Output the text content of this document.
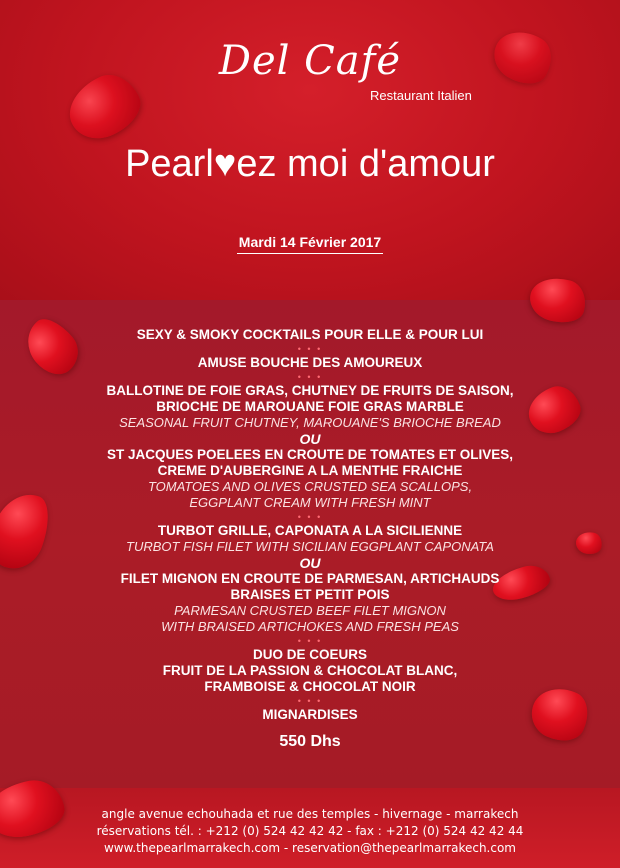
Del Café
Restaurant Italien
Pearl♥ez moi d'amour
Mardi 14 Février 2017
SEXY & SMOKY COCKTAILS POUR ELLE & POUR LUI
• • •
AMUSE BOUCHE DES AMOUREUX
• • •
BALLOTINE DE FOIE GRAS, CHUTNEY DE FRUITS DE SAISON,
BRIOCHE DE MAROUANE FOIE GRAS MARBLE
SEASONAL FRUIT CHUTNEY, MAROUANE'S BRIOCHE BREAD
OU
ST JACQUES POELEES EN CROUTE DE TOMATES ET OLIVES,
CREME D'AUBERGINE A LA MENTHE FRAICHE
TOMATOES AND OLIVES CRUSTED SEA SCALLOPS,
EGGPLANT CREAM WITH FRESH MINT
• • •
TURBOT GRILLE, CAPONATA A LA SICILIENNE
TURBOT FISH FILET WITH SICILIAN EGGPLANT CAPONATA
OU
FILET MIGNON EN CROUTE DE PARMESAN, ARTICHAUDS
BRAISES ET PETIT POIS
PARMESAN CRUSTED BEEF FILET MIGNON
WITH BRAISED ARTICHOKES AND FRESH PEAS
• • •
DUO DE COEURS
FRUIT DE LA PASSION & CHOCOLAT BLANC,
FRAMBOISE & CHOCOLAT NOIR
• • •
MIGNARDISES
550 Dhs
angle avenue echouhada et rue des temples - hivernage - marrakech
réservations tél. : +212 (0) 524 42 42 42 - fax : +212 (0) 524 42 42 44
www.thepearlmarrakech.com - reservation@thepearlmarrakech.com
